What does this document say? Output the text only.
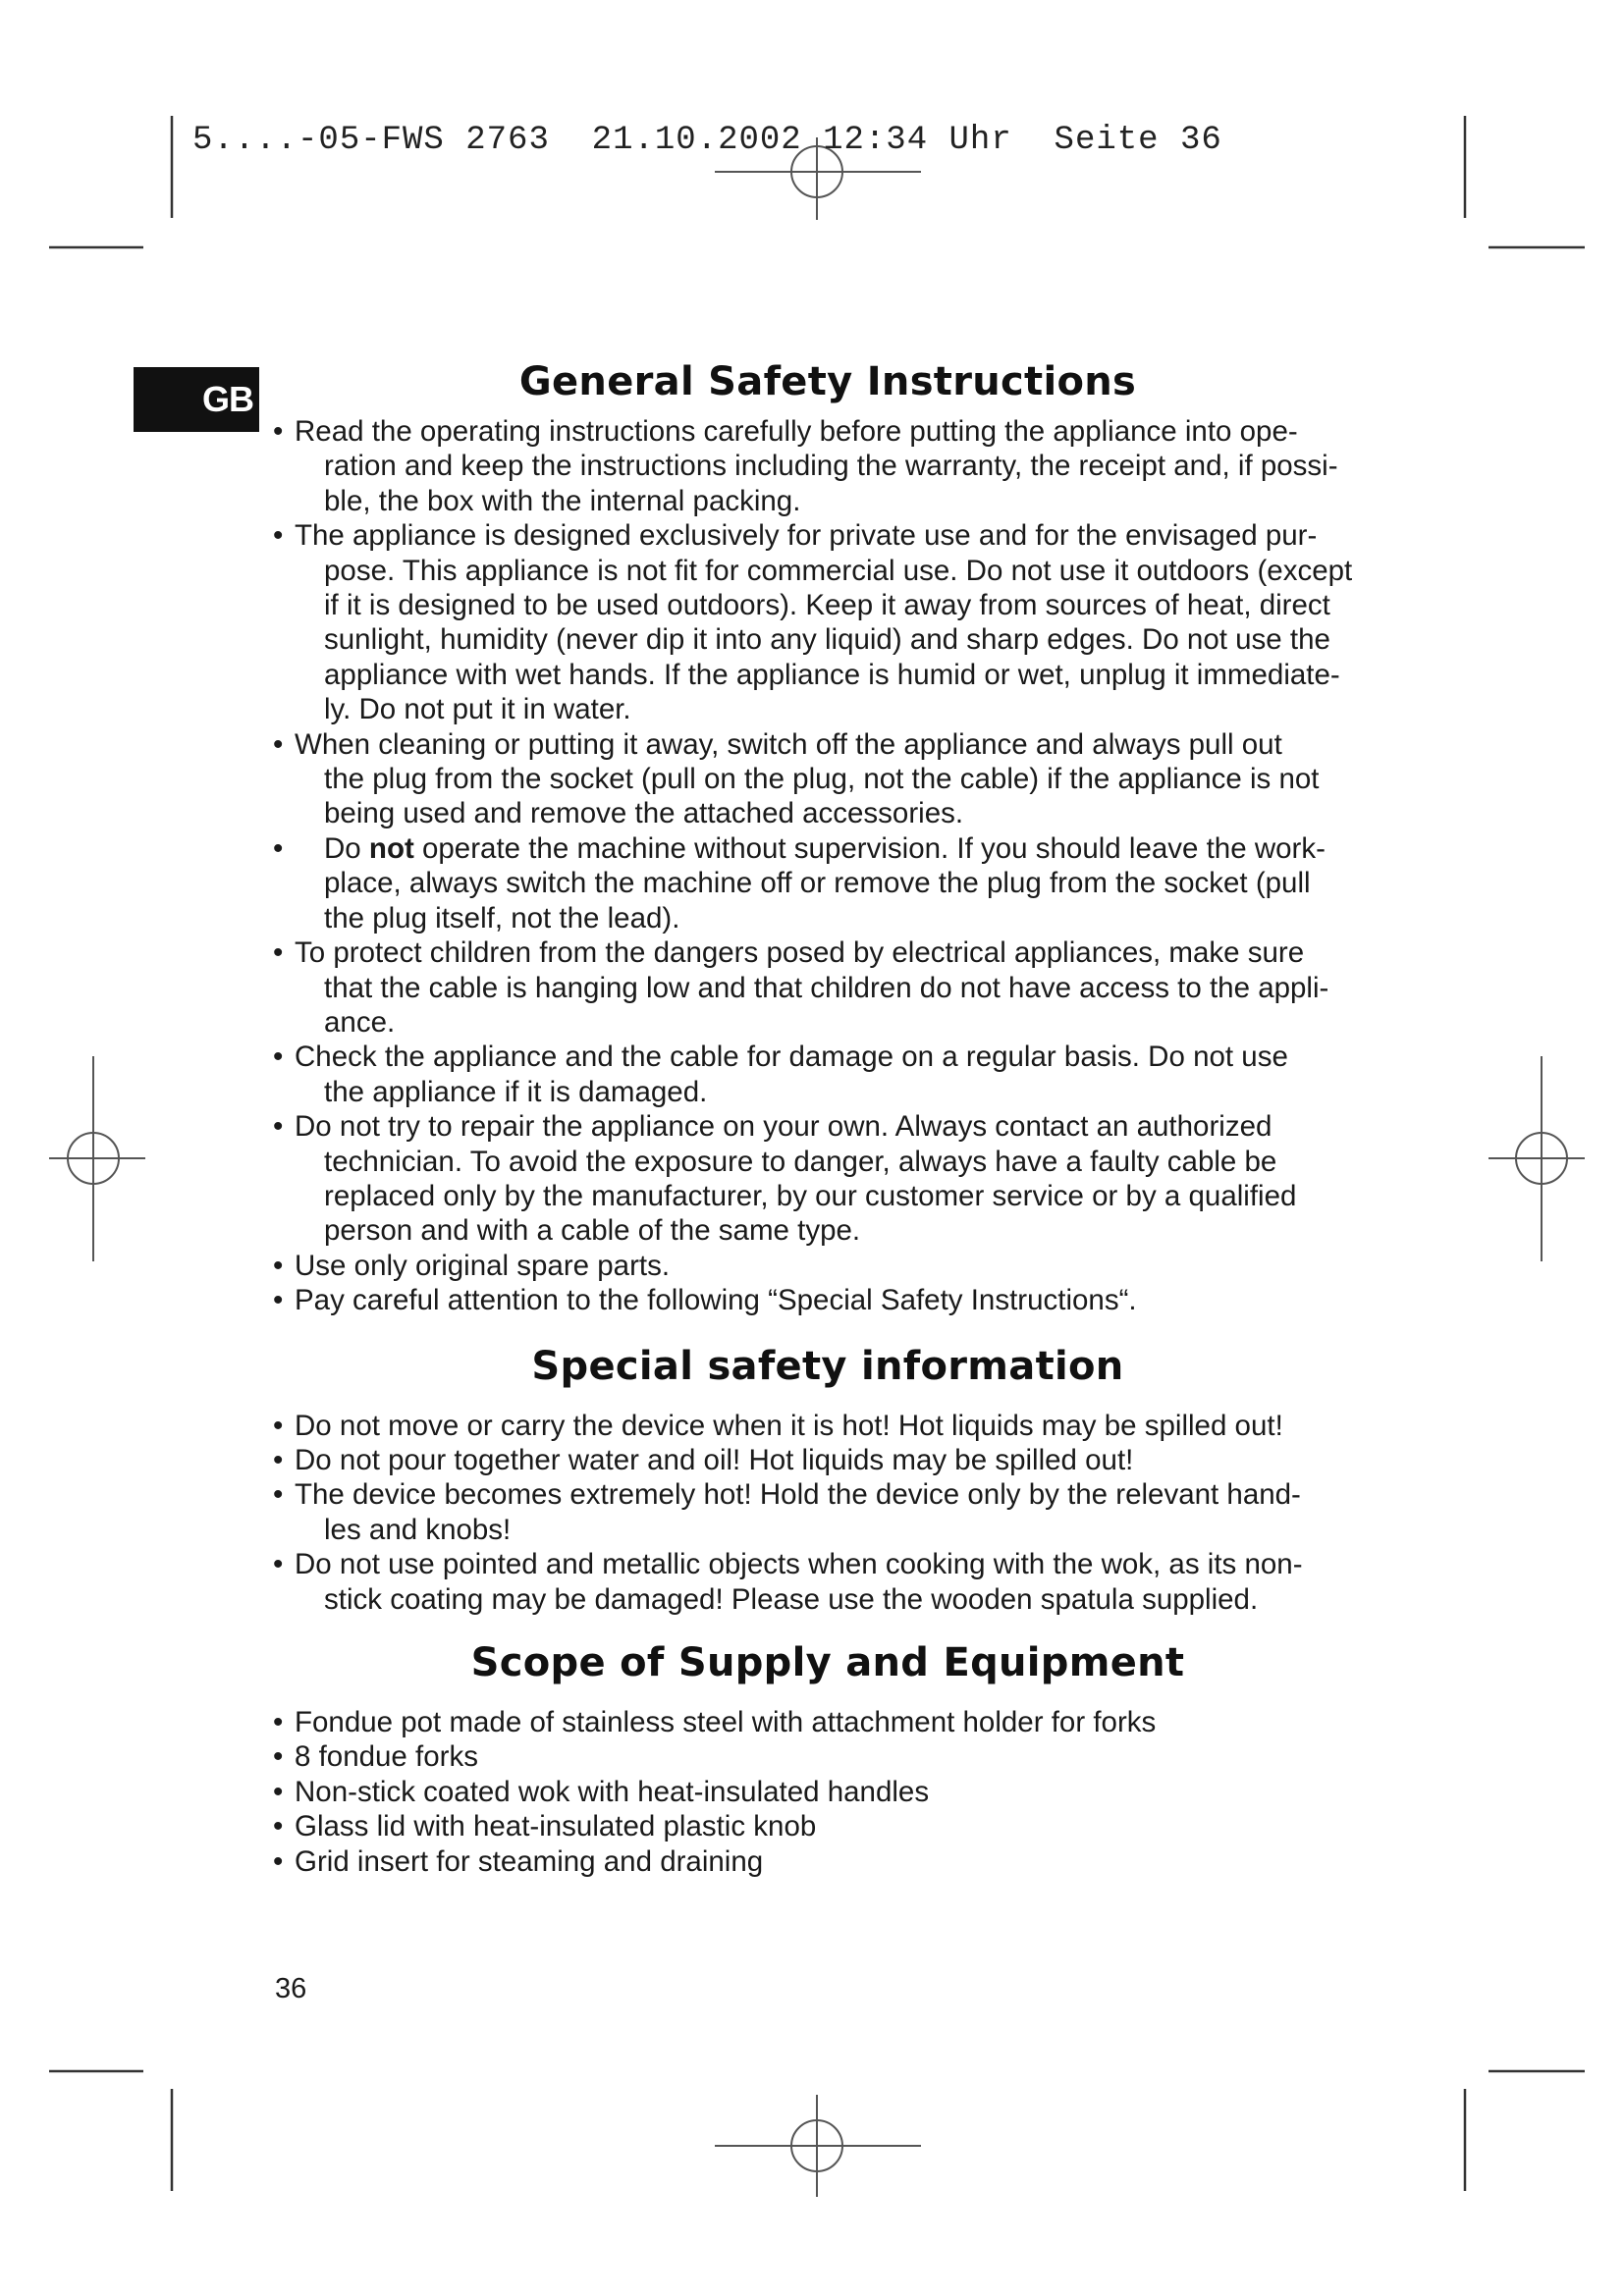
5....-05-FWS 2763  21.10.2002 12:34 Uhr  Seite 36
GB	General Safety Instructions
• Read the operating instructions carefully before putting the appliance into ope-
ration and keep the instructions including the warranty, the receipt and, if possi-
ble, the box with the internal packing.
• The appliance is designed exclusively for private use and for the envisaged pur-
pose. This appliance is not fit for commercial use. Do not use it outdoors (except
if it is designed to be used outdoors). Keep it away from sources of heat, direct
sunlight, humidity (never dip it into any liquid) and sharp edges. Do not use the
appliance with wet hands. If the appliance is humid or wet, unplug it immediate-
ly. Do not put it in water.
• When cleaning or putting it away, switch off the appliance and always pull out
the plug from the socket (pull on the plug, not the cable) if the appliance is not
being used and remove the attached accessories.
•	Do not operate the machine without supervision. If you should leave the work-
place, always switch the machine off or remove the plug from the socket (pull
the plug itself, not the lead).
• To protect children from the dangers posed by electrical appliances, make sure
that the cable is hanging low and that children do not have access to the appli-
ance.
• Check the appliance and the cable for damage on a regular basis. Do not use
the appliance if it is damaged.
• Do not try to repair the appliance on your own. Always contact an authorized
technician. To avoid the exposure to danger, always have a faulty cable be
replaced only by the manufacturer, by our customer service or by a qualified
person and with a cable of the same type.
• Use only original spare parts.
• Pay careful attention to the following “Special Safety Instructions“.
Special safety information
• Do not move or carry the device when it is hot! Hot liquids may be spilled out!
• Do not pour together water and oil! Hot liquids may be spilled out!
• The device becomes extremely hot! Hold the device only by the relevant hand-
les and knobs!
• Do not use pointed and metallic objects when cooking with the wok, as its non-
stick coating may be damaged! Please use the wooden spatula supplied.
Scope of Supply and Equipment
• Fondue pot made of stainless steel with attachment holder for forks
• 8 fondue forks
• Non-stick coated wok with heat-insulated handles
• Glass lid with heat-insulated plastic knob
• Grid insert for steaming and draining
36
